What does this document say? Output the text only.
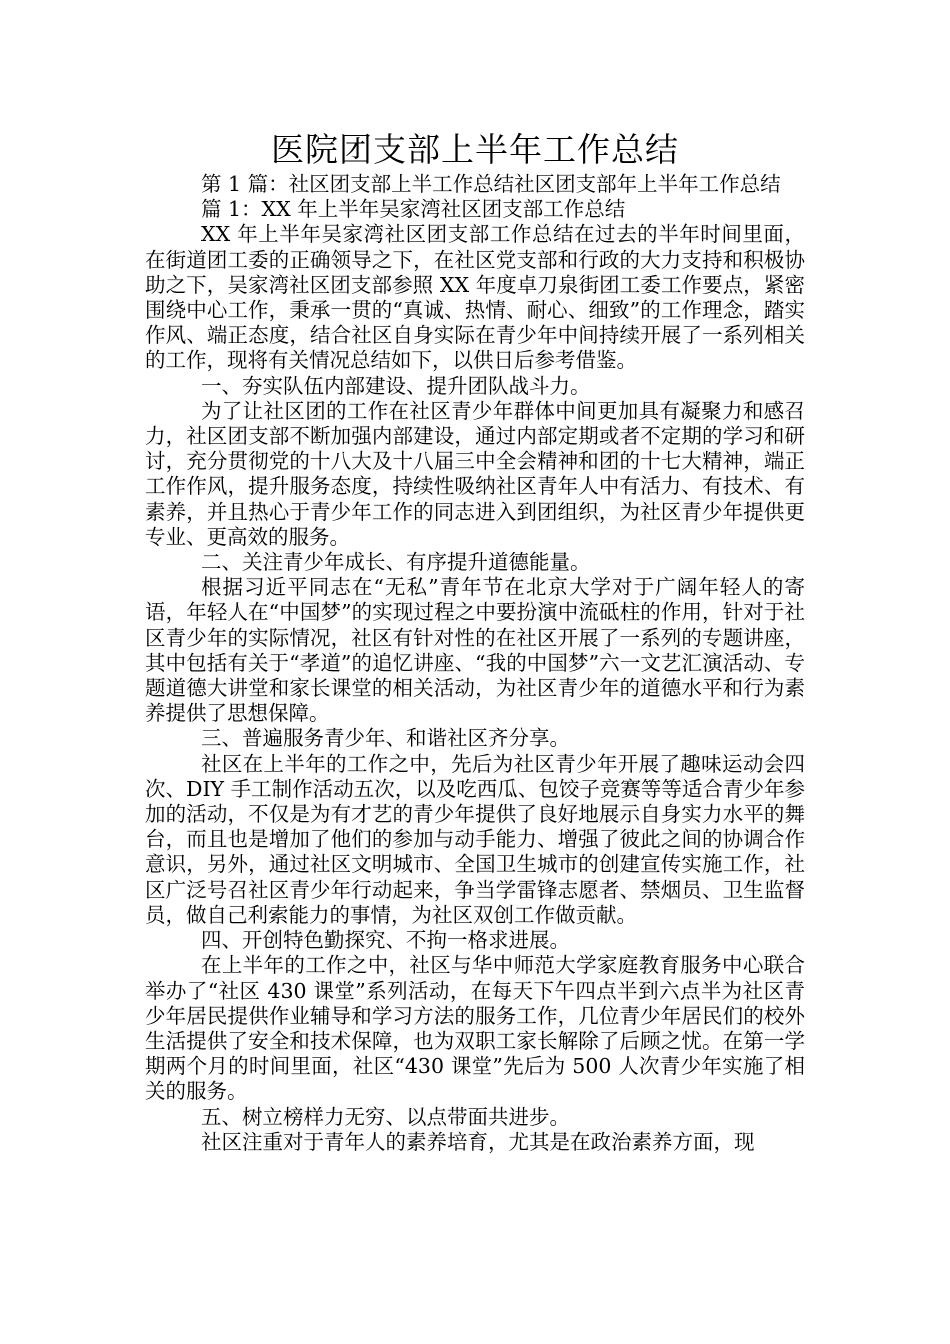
医院团支部上半年工作总结

第 1 篇：社区团支部上半工作总结社区团支部年上半年工作总结

篇 1：XX 年上半年吴家湾社区团支部工作总结

XX 年上半年吴家湾社区团支部工作总结在过去的半年时间里面，在街道团工委的正确领导之下，在社区党支部和行政的大力支持和积极协助之下，吴家湾社区团支部参照 XX 年度卓刀泉街团工委工作要点，紧密围绕中心工作，秉承一贯的“真诚、热情、耐心、细致”的工作理念，踏实作风、端正态度，结合社区自身实际在青少年中间持续开展了一系列相关的工作，现将有关情况总结如下，以供日后参考借鉴。

一、夯实队伍内部建设、提升团队战斗力。

为了让社区团的工作在社区青少年群体中间更加具有凝聚力和感召力，社区团支部不断加强内部建设，通过内部定期或者不定期的学习和研讨，充分贯彻党的十八大及十八届三中全会精神和团的十七大精神，端正工作作风，提升服务态度，持续性吸纳社区青年人中有活力、有技术、有素养，并且热心于青少年工作的同志进入到团组织，为社区青少年提供更专业、更高效的服务。

二、关注青少年成长、有序提升道德能量。

根据习近平同志在“无私”青年节在北京大学对于广阔年轻人的寄语，年轻人在“中国梦”的实现过程之中要扮演中流砥柱的作用，针对于社区青少年的实际情况，社区有针对性的在社区开展了一系列的专题讲座，其中包括有关于“孝道”的追忆讲座、“我的中国梦”六一文艺汇演活动、专题道德大讲堂和家长课堂的相关活动，为社区青少年的道德水平和行为素养提供了思想保障。

三、普遍服务青少年、和谐社区齐分享。

社区在上半年的工作之中，先后为社区青少年开展了趣味运动会四次、DIY 手工制作活动五次，以及吃西瓜、包饺子竞赛等等适合青少年参加的活动，不仅是为有才艺的青少年提供了良好地展示自身实力水平的舞台，而且也是增加了他们的参加与动手能力、增强了彼此之间的协调合作意识，另外，通过社区文明城市、全国卫生城市的创建宣传实施工作，社区广泛号召社区青少年行动起来，争当学雷锋志愿者、禁烟员、卫生监督员，做自己利索能力的事情，为社区双创工作做贡献。

四、开创特色勤探究、不拘一格求进展。

在上半年的工作之中，社区与华中师范大学家庭教育服务中心联合举办了“社区 430 课堂”系列活动，在每天下午四点半到六点半为社区青少年居民提供作业辅导和学习方法的服务工作，几位青少年居民们的校外生活提供了安全和技术保障，也为双职工家长解除了后顾之忧。在第一学期两个月的时间里面，社区“430 课堂”先后为 500 人次青少年实施了相关的服务。

五、树立榜样力无穷、以点带面共进步。

社区注重对于青年人的素养培育，尤其是在政治素养方面，现
